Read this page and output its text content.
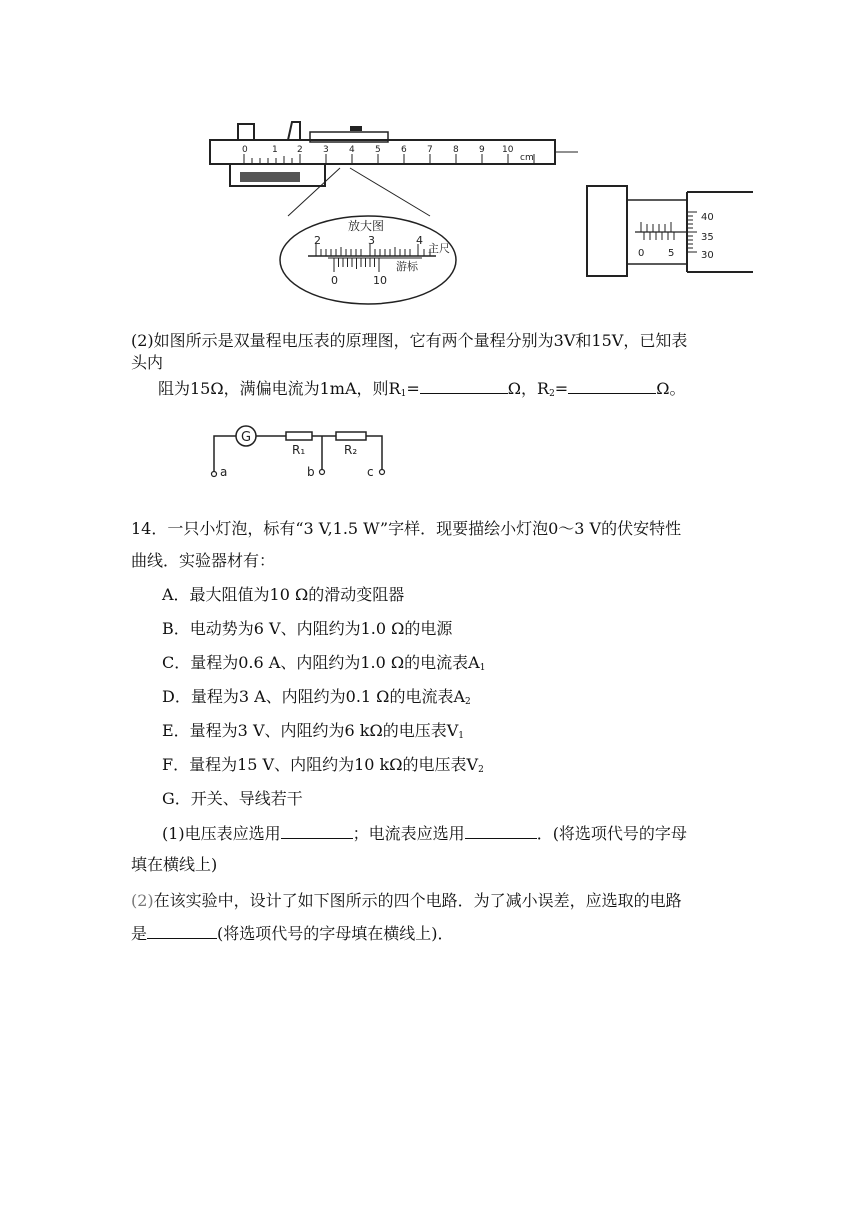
0	1 2 3 4 5 6 7 8 9 10
cm
放大图
2	3	4
主尺
0	10
游标
0 5
40
35
30
(2)如图所示是双量程电压表的原理图，它有两个量程分别为3V和15V，已知表
头内
阻为15Ω，满偏电流为1mA，则$R_1=$	Ω，$R_2=$	Ω。
G
R₁	R₂
a	b	c
14．一只小灯泡，标有“3 V,1.5 W”字样．现要描绘小灯泡0～3 V的伏安特性
曲线．实验器材有：
A．最大阻值为10 Ω的滑动变阻器
B．电动势为6 V、内阻约为1.0 Ω的电源
C．量程为0.6 A、内阻约为1.0 Ω的电流表$A_1$
D．量程为3 A、内阻约为0.1 Ω的电流表$A_2$
E．量程为3 V、内阻约为6 kΩ的电压表$V_1$
F．量程为15 V、内阻约为10 kΩ的电压表$V_2$
G．开关、导线若干
(1)电压表应选用	；电流表应选用	．(将选项代号的字母
填在横线上)
(2)在该实验中，设计了如下图所示的四个电路．为了减小误差，应选取的电路
是	(将选项代号的字母填在横线上)．
